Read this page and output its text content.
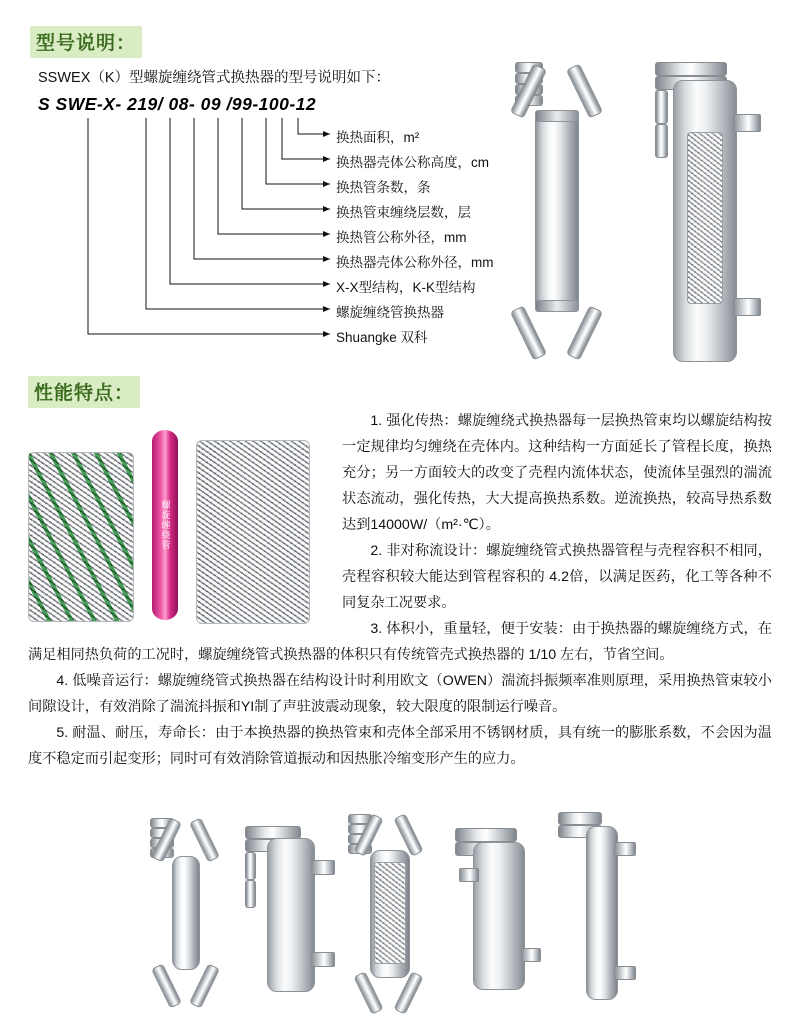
型号说明：
SSWEX（K）型螺旋缠绕管式换热器的型号说明如下：
S SWE-X- 219/ 08- 09 /99-100-12
换热面积，m²
换热器壳体公称高度，cm
换热管条数，条
换热管束缠绕层数，层
换热管公称外径，mm
换热器壳体公称外径，mm
X-X型结构，K-K型结构
螺旋缠绕管换热器
Shuangke 双科
性能特点：
螺旋缠绕管

1. 强化传热：螺旋缠绕式换热器每一层换热管束均以螺旋结构按一定规律均匀缠绕在壳体内。这种结构一方面延长了管程长度，换热充分；另一方面较大的改变了壳程内流体状态，使流体呈强烈的湍流状态流动，强化传热，大大提高换热系数。逆流换热，较高导热系数达到14000W/（m²·℃）。

2. 非对称流设计：螺旋缠绕管式换热器管程与壳程容积不相同，壳程容积较大能达到管程容积的 4.2倍，以满足医药，化工等各种不同复杂工况要求。

3. 体积小，重量轻，便于安装：由于换热器的螺旋缠绕方式，在满足相同热负荷的工况时，螺旋缠绕管式换热器的体积只有传统管壳式换热器的 1/10 左右，节省空间。

4. 低噪音运行：螺旋缠绕管式换热器在结构设计时利用欧文（OWEN）湍流抖振频率准则原理，采用换热管束较小间隙设计，有效消除了湍流抖振和YI制了声驻波震动现象，较大限度的限制运行噪音。

5. 耐温、耐压，寿命长：由于本换热器的换热管束和壳体全部采用不锈钢材质，具有统一的膨胀系数，不会因为温度不稳定而引起变形；同时可有效消除管道振动和因热胀冷缩变形产生的应力。
